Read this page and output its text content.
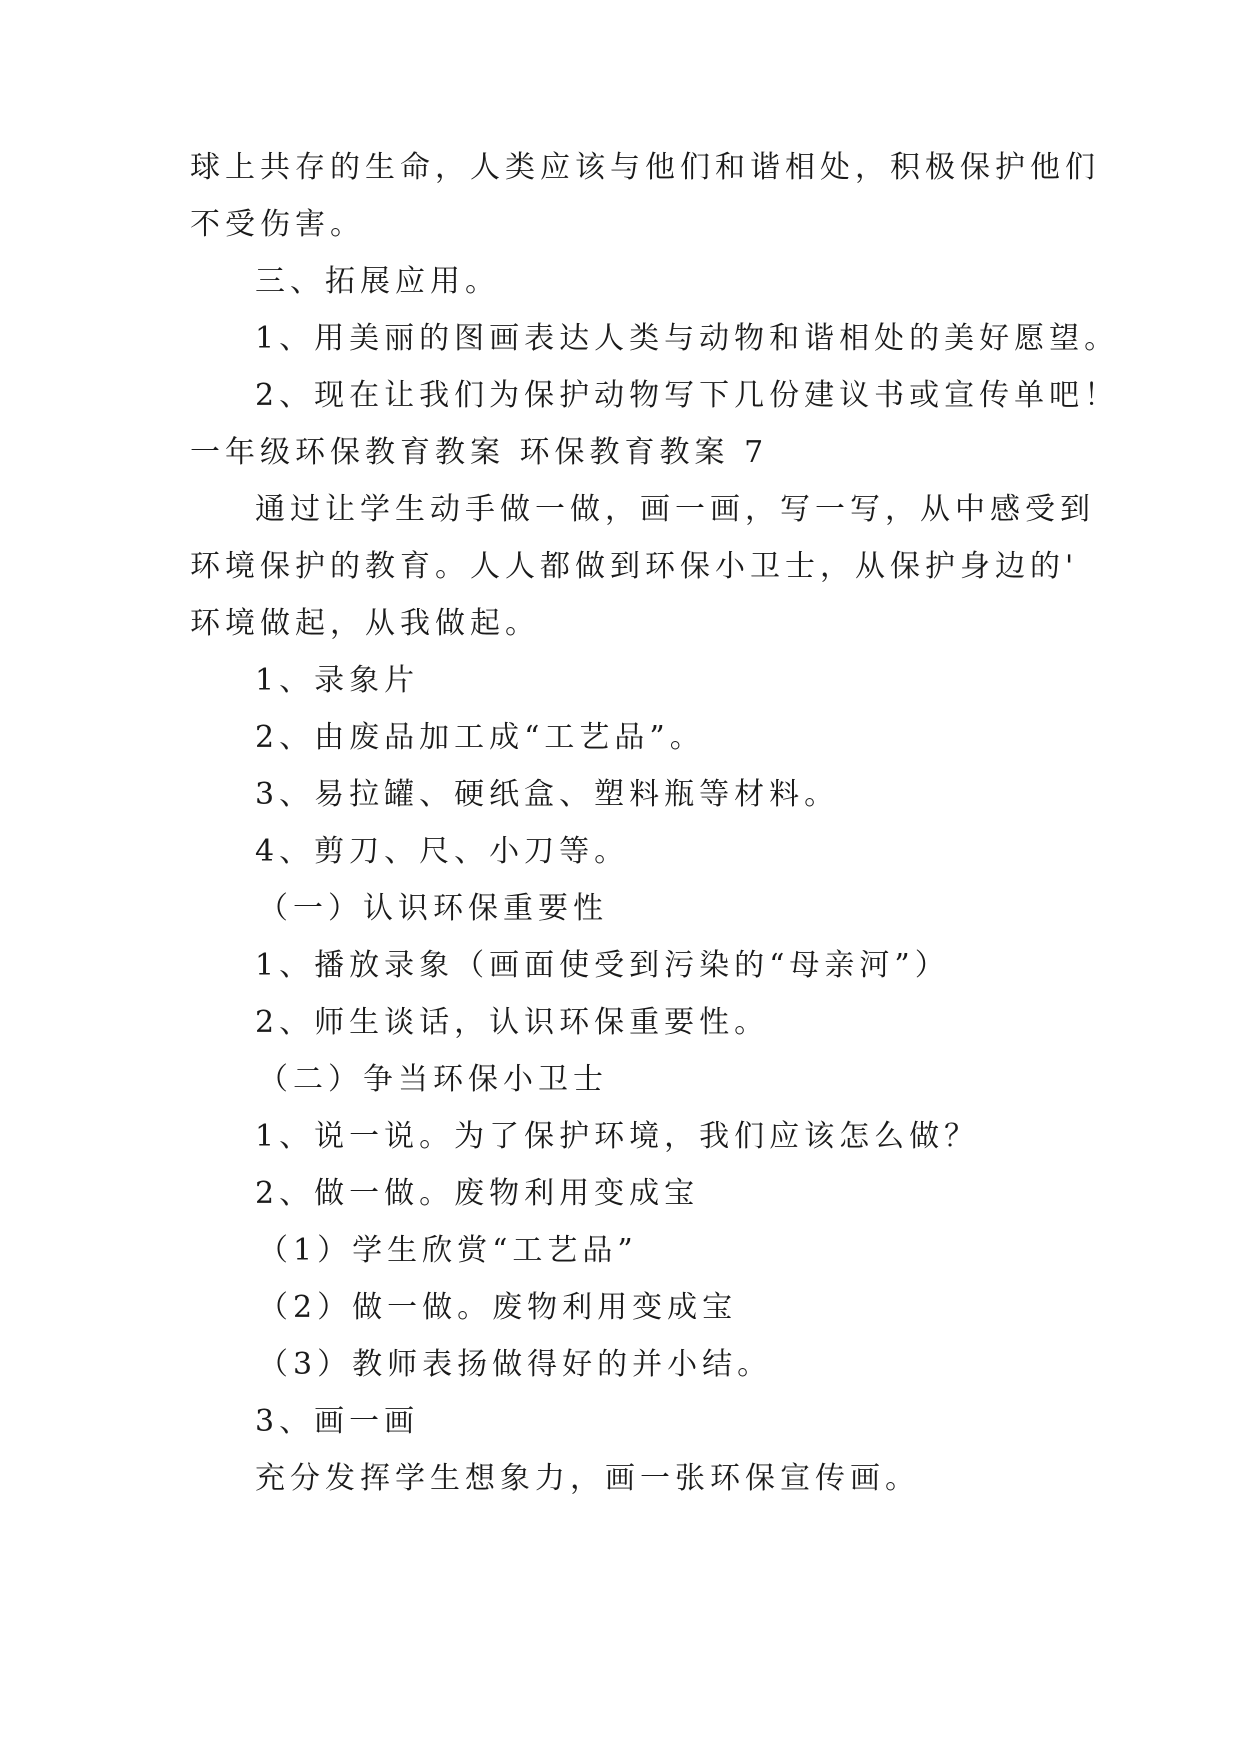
球上共存的生命，人类应该与他们和谐相处，积极保护他们
不受伤害。
三、拓展应用。
1、用美丽的图画表达人类与动物和谐相处的美好愿望。
2、现在让我们为保护动物写下几份建议书或宣传单吧！
一年级环保教育教案 环保教育教案 7
通过让学生动手做一做，画一画，写一写，从中感受到
环境保护的教育。人人都做到环保小卫士，从保护身边的'
环境做起，从我做起。
1、录象片
2、由废品加工成“工艺品”。
3、易拉罐、硬纸盒、塑料瓶等材料。
4、剪刀、尺、小刀等。
（一）认识环保重要性
1、播放录象（画面使受到污染的“母亲河”）
2、师生谈话，认识环保重要性。
（二）争当环保小卫士
1、说一说。为了保护环境，我们应该怎么做？
2、做一做。废物利用变成宝
（1）学生欣赏“工艺品”
（2）做一做。废物利用变成宝
（3）教师表扬做得好的并小结。
3、画一画
充分发挥学生想象力，画一张环保宣传画。
